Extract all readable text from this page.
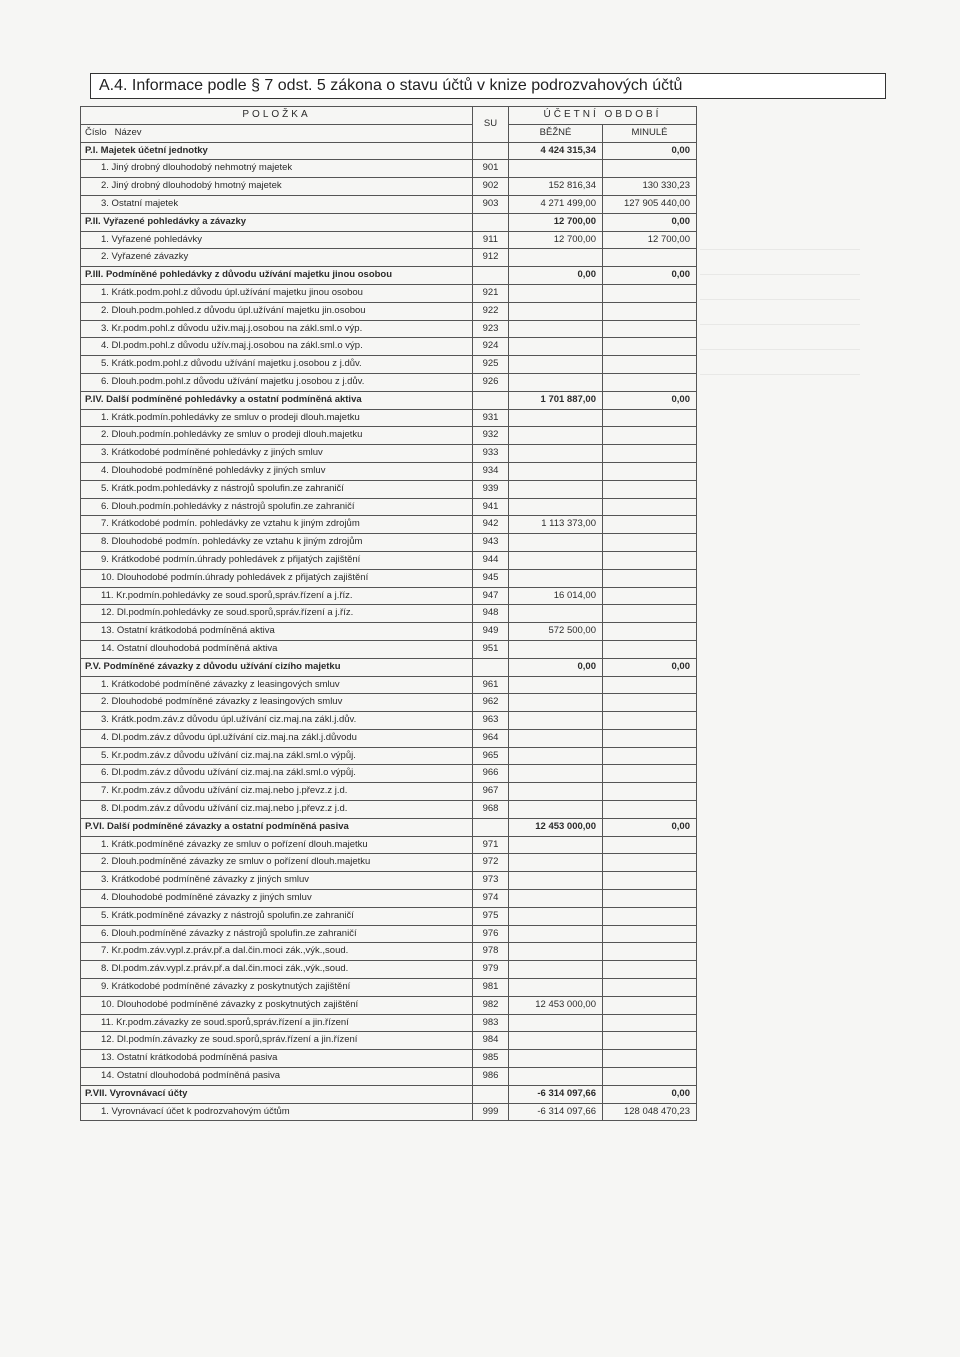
A.4. Informace podle § 7 odst. 5 zákona o stavu účtů v knize podrozvahových účtů
POLOŽKA	SU	ÚČETNÍ OBDOBÍ	
Číslo Název		BĚŽNÉ	MINULÉ
P.I. Majetek účetní jednotky		4 424 315,34	0,00
1. Jiný drobný dlouhodobý nehmotný majetek	901		
2. Jiný drobný dlouhodobý hmotný majetek	902	152 816,34	130 330,23
3. Ostatní majetek	903	4 271 499,00	127 905 440,00
P.II. Vyřazené pohledávky a závazky		12 700,00	0,00
1. Vyřazené pohledávky	911	12 700,00	12 700,00
2. Vyřazené závazky	912		
P.III. Podmíněné pohledávky z důvodu užívání majetku jinou osobou		0,00	0,00
1. Krátk.podm.pohl.z důvodu úpl.užívání majetku jinou osobou	921		
2. Dlouh.podm.pohled.z důvodu úpl.užívání majetku jin.osobou	922		
3. Kr.podm.pohl.z důvodu uživ.maj.j.osobou na zákl.sml.o výp.	923		
4. Dl.podm.pohl.z důvodu užív.maj.j.osobou na zákl.sml.o výp.	924		
5. Krátk.podm.pohl.z důvodu užívání majetku j.osobou z j.dův.	925		
6. Dlouh.podm.pohl.z důvodu užívání majetku j.osobou z j.dův.	926		
P.IV. Další podmíněné pohledávky a ostatní podmíněná aktiva		1 701 887,00	0,00
1. Krátk.podmín.pohledávky ze smluv o prodeji dlouh.majetku	931		
2. Dlouh.podmín.pohledávky ze smluv o prodeji dlouh.majetku	932		
3. Krátkodobé podmíněné pohledávky z jiných smluv	933		
4. Dlouhodobé podmíněné pohledávky z jiných smluv	934		
5. Krátk.podm.pohledávky z nástrojů spolufin.ze zahraničí	939		
6. Dlouh.podmín.pohledávky z nástrojů spolufin.ze zahraničí	941		
7. Krátkodobé podmín. pohledávky ze vztahu k jiným zdrojům	942	1 113 373,00	
8. Dlouhodobé podmín. pohledávky ze vztahu k jiným zdrojům	943		
9. Krátkodobé podmín.úhrady pohledávek z přijatých zajištění	944		
10. Dlouhodobé podmín.úhrady pohledávek z přijatých zajištění	945		
11. Kr.podmín.pohledávky ze soud.sporů,správ.řízení a j.říz.	947	16 014,00	
12. Dl.podmín.pohledávky ze soud.sporů,správ.řízení a j.říz.	948		
13. Ostatní krátkodobá podmíněná aktiva	949	572 500,00	
14. Ostatní dlouhodobá podmíněná aktiva	951		
P.V. Podmíněné závazky z důvodu užívání cizího majetku		0,00	0,00
1. Krátkodobé podmíněné závazky z leasingových smluv	961		
2. Dlouhodobé podmíněné závazky z leasingových smluv	962		
3. Krátk.podm.záv.z důvodu úpl.užívání ciz.maj.na zákl.j.dův.	963		
4. Dl.podm.záv.z důvodu úpl.užívání ciz.maj.na zákl.j.důvodu	964		
5. Kr.podm.záv.z důvodu užívání ciz.maj.na zákl.sml.o výpůj.	965		
6. Dl.podm.záv.z důvodu užívání ciz.maj.na zákl.sml.o výpůj.	966		
7. Kr.podm.záv.z důvodu užívání ciz.maj.nebo j.převz.z j.d.	967		
8. Dl.podm.záv.z důvodu užívání ciz.maj.nebo j.převz.z j.d.	968		
P.VI. Další podmíněné závazky a ostatní podmíněná pasiva		12 453 000,00	0,00
1. Krátk.podmíněné závazky ze smluv o pořízení dlouh.majetku	971		
2. Dlouh.podmíněné závazky ze smluv o pořízení dlouh.majetku	972		
3. Krátkodobé podmíněné závazky z jiných smluv	973		
4. Dlouhodobé podmíněné závazky z jiných smluv	974		
5. Krátk.podmíněné závazky z nástrojů spolufin.ze zahraničí	975		
6. Dlouh.podmíněné závazky z nástrojů spolufin.ze zahraničí	976		
7. Kr.podm.záv.vypl.z.práv.př.a dal.čin.moci zák.,výk.,soud.	978		
8. Dl.podm.záv.vypl.z.práv.př.a dal.čin.moci zák.,výk.,soud.	979		
9. Krátkodobé podmíněné závazky z poskytnutých zajištění	981		
10. Dlouhodobé podmíněné závazky z poskytnutých zajištění	982	12 453 000,00	
11. Kr.podm.závazky ze soud.sporů,správ.řízení a jin.řízení	983		
12. Dl.podmín.závazky ze soud.sporů,správ.řízení a jin.řízení	984		
13. Ostatní krátkodobá podmíněná pasiva	985		
14. Ostatní dlouhodobá podmíněná pasiva	986		
P.VII. Vyrovnávací účty		-6 314 097,66	0,00
1. Vyrovnávací účet k podrozvahovým účtům	999	-6 314 097,66	128 048 470,23
